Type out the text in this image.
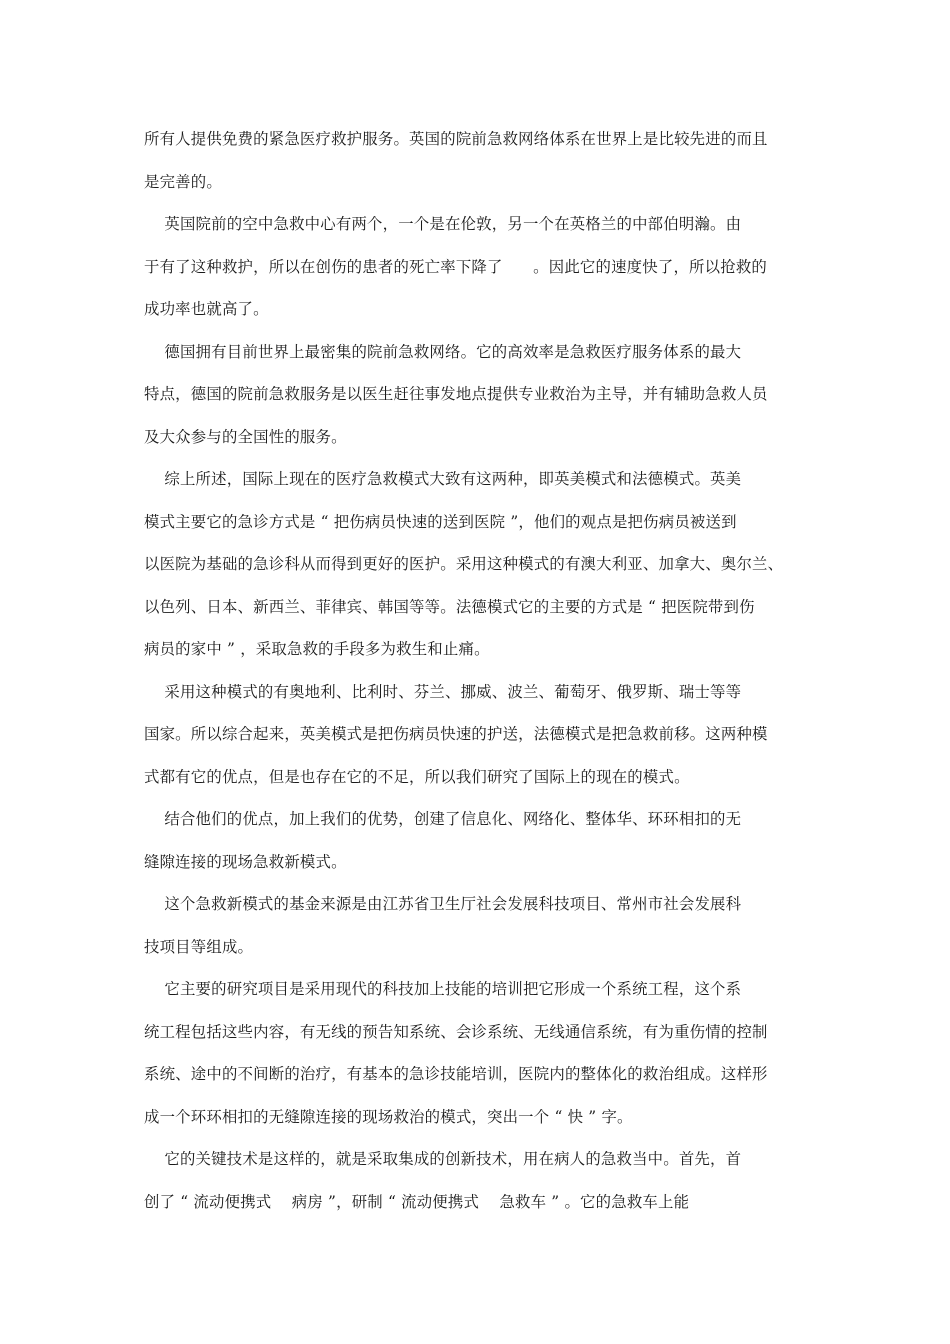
所有人提供免费的紧急医疗救护服务。英国的院前急救网络体系在世界上是比较先进的而且
是完善的。
英国院前的空中急救中心有两个，一个是在伦敦，另一个在英格兰的中部伯明瀚。由
于有了这种救护，所以在创伤的患者的死亡率下降了      。因此它的速度快了，所以抢救的
成功率也就高了。
德国拥有目前世界上最密集的院前急救网络。它的高效率是急救医疗服务体系的最大
特点，德国的院前急救服务是以医生赶往事发地点提供专业救治为主导，并有辅助急救人员
及大众参与的全国性的服务。
综上所述，国际上现在的医疗急救模式大致有这两种，即英美模式和法德模式。英美
模式主要它的急诊方式是 “ 把伤病员快速的送到医院 ”，他们的观点是把伤病员被送到
以医院为基础的急诊科从而得到更好的医护。采用这种模式的有澳大利亚、加拿大、奥尔兰、
以色列、日本、新西兰、菲律宾、韩国等等。法德模式它的主要的方式是 “ 把医院带到伤
病员的家中 ” ，采取急救的手段多为救生和止痛。
采用这种模式的有奥地利、比利时、芬兰、挪威、波兰、葡萄牙、俄罗斯、瑞士等等
国家。所以综合起来，英美模式是把伤病员快速的护送，法德模式是把急救前移。这两种模
式都有它的优点，但是也存在它的不足，所以我们研究了国际上的现在的模式。
结合他们的优点，加上我们的优势，创建了信息化、网络化、整体华、环环相扣的无
缝隙连接的现场急救新模式。
这个急救新模式的基金来源是由江苏省卫生厅社会发展科技项目、常州市社会发展科
技项目等组成。
它主要的研究项目是采用现代的科技加上技能的培训把它形成一个系统工程，这个系
统工程包括这些内容，有无线的预告知系统、会诊系统、无线通信系统，有为重伤情的控制
系统、途中的不间断的治疗，有基本的急诊技能培训，医院内的整体化的救治组成。这样形
成一个环环相扣的无缝隙连接的现场救治的模式，突出一个 “ 快 ” 字。
它的关键技术是这样的，就是采取集成的创新技术，用在病人的急救当中。首先，首
创了 “ 流动便携式    病房 ”，研制 “ 流动便携式    急救车 ” 。它的急救车上能
